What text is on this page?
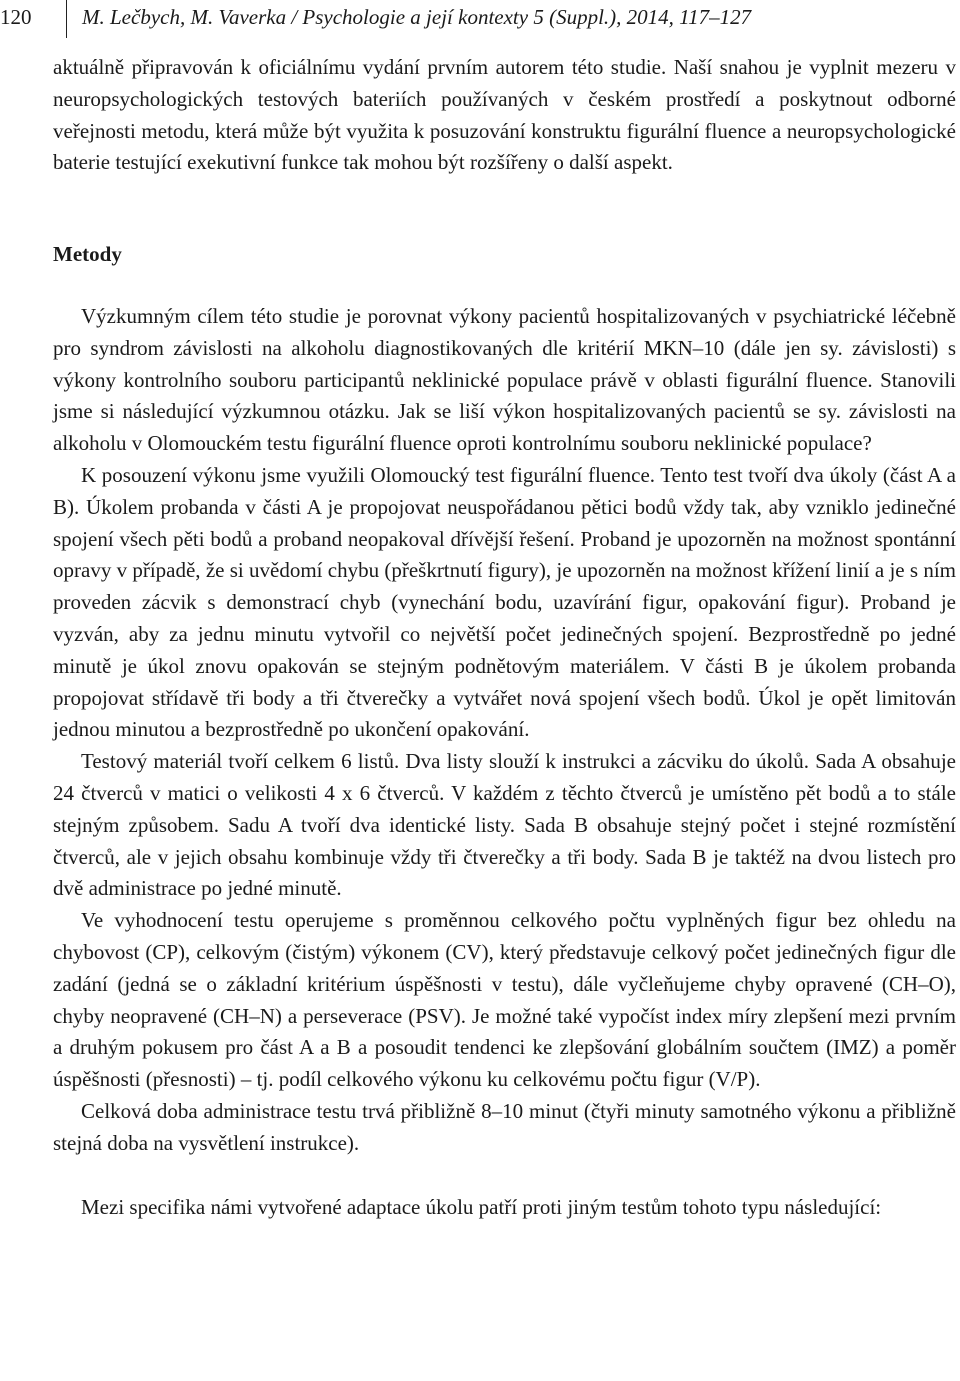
120 M. Lečbych, M. Vaverka / Psychologie a její kontexty 5 (Suppl.), 2014, 117–127

aktuálně připravován k oficiálnímu vydání prvním autorem této studie. Naší snahou je vyplnit mezeru v neuropsychologických testových bateriích používaných v českém prostředí a poskytnout odborné veřejnosti metodu, která může být využita k posuzování konstruktu figurální fluence a neuropsychologické baterie testující exekutivní funkce tak mohou být rozšířeny o další aspekt.

Metody

Výzkumným cílem této studie je porovnat výkony pacientů hospitalizovaných v psychiatrické léčebně pro syndrom závislosti na alkoholu diagnostikovaných dle kritérií MKN–10 (dále jen sy. závislosti) s výkony kontrolního souboru participantů neklinické populace právě v oblasti figurální fluence. Stanovili jsme si následující výzkumnou otázku. Jak se liší výkon hospitalizovaných pacientů se sy. závislosti na alkoholu v Olomouckém testu figurální fluence oproti kontrolnímu souboru neklinické populace?

K posouzení výkonu jsme využili Olomoucký test figurální fluence. Tento test tvoří dva úkoly (část A a B). Úkolem probanda v části A je propojovat neuspořádanou pětici bodů vždy tak, aby vzniklo jedinečné spojení všech pěti bodů a proband neopakoval dřívější řešení. Proband je upozorněn na možnost spontánní opravy v případě, že si uvědomí chybu (přeškrtnutí figury), je upozorněn na možnost křížení linií a je s ním proveden zácvik s demonstrací chyb (vynechání bodu, uzavírání figur, opakování figur). Proband je vyzván, aby za jednu minutu vytvořil co největší počet jedinečných spojení. Bezprostředně po jedné minutě je úkol znovu opakován se stejným podnětovým materiálem. V části B je úkolem probanda propojovat střídavě tři body a tři čtverečky a vytvářet nová spojení všech bodů. Úkol je opět limitován jednou minutou a bezprostředně po ukončení opakování.

Testový materiál tvoří celkem 6 listů. Dva listy slouží k instrukci a zácviku do úkolů. Sada A obsahuje 24 čtverců v matici o velikosti 4 x 6 čtverců. V každém z těchto čtverců je umístěno pět bodů a to stále stejným způsobem. Sadu A tvoří dva identické listy. Sada B obsahuje stejný počet i stejné rozmístění čtverců, ale v jejich obsahu kombinuje vždy tři čtverečky a tři body. Sada B je taktéž na dvou listech pro dvě administrace po jedné minutě.

Ve vyhodnocení testu operujeme s proměnnou celkového počtu vyplněných figur bez ohledu na chybovost (CP), celkovým (čistým) výkonem (CV), který představuje celkový počet jedinečných figur dle zadání (jedná se o základní kritérium úspěšnosti v testu), dále vyčleňujeme chyby opravené (CH–O), chyby neopravené (CH–N) a perseverace (PSV). Je možné také vypočíst index míry zlepšení mezi prvním a druhým pokusem pro část A a B a posoudit tendenci ke zlepšování globálním součtem (IMZ) a poměr úspěšnosti (přesnosti) – tj. podíl celkového výkonu ku celkovému počtu figur (V/P).

Celková doba administrace testu trvá přibližně 8–10 minut (čtyři minuty samotného výkonu a přibližně stejná doba na vysvětlení instrukce).

Mezi specifika námi vytvořené adaptace úkolu patří proti jiným testům tohoto typu následující:
